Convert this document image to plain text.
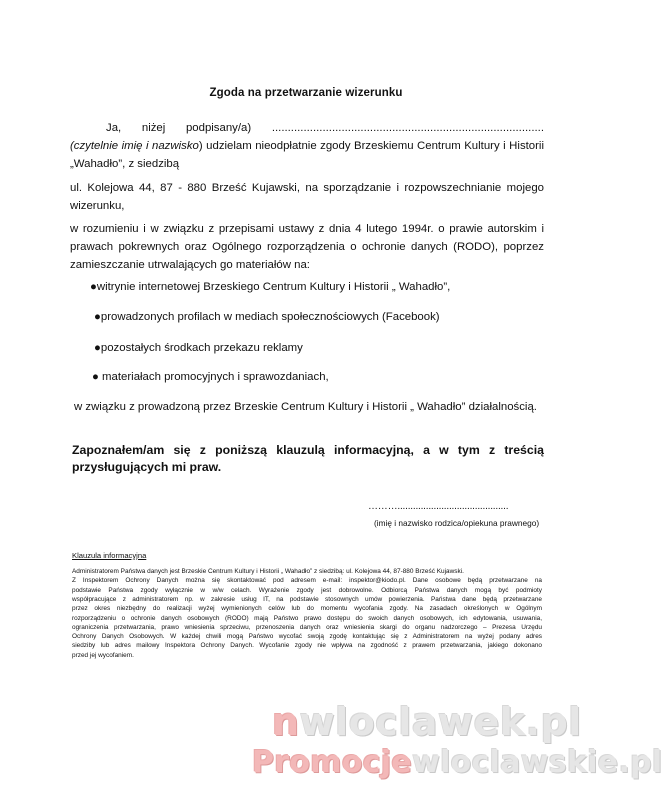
Zgoda na przetwarzanie wizerunku
Ja, niżej podpisany/a) ......................................................................................
(czytelnie imię i nazwisko) udzielam nieodpłatnie zgody Brzeskiemu Centrum Kultury i Historii
„Wahadło”, z siedzibą
ul. Kolejowa 44, 87 - 880 Brześć Kujawski, na sporządzanie i rozpowszechnianie mojego
wizerunku,
w rozumieniu i w związku z przepisami ustawy z dnia 4 lutego 1994r. o prawie autorskim i
prawach pokrewnych oraz Ogólnego rozporządzenia o ochronie danych (RODO), poprzez
zamieszczanie utrwalających go materiałów na:
●witrynie internetowej Brzeskiego Centrum Kultury i Historii „ Wahadło”,
●prowadzonych profilach w mediach społecznościowych (Facebook)
●pozostałych środkach przekazu reklamy
● materiałach promocyjnych i sprawozdaniach,
w związku z prowadzoną przez Brzeskie Centrum Kultury i Historii „ Wahadło” działalnością.
Zapoznałem/am się z poniższą klauzulą informacyjną, a w tym z treścią
przysługujących mi praw.
………...........................................
(imię i nazwisko rodzica/opiekuna prawnego)
Klauzula informacyjna
Administratorem Państwa danych jest Brzeskie Centrum Kultury i Historii „ Wahadło” z siedzibą: ul. Kolejowa 44, 87-880 Brześć Kujawski.
Z Inspektorem Ochrony Danych można się skontaktować pod adresem e-mail: inspektor@kiodo.pl. Dane osobowe będą przetwarzane na
podstawie Państwa zgody wyłącznie w w/w celach. Wyrażenie zgody jest dobrowolne. Odbiorcą Państwa danych mogą być podmioty
współpracujące z administratorem np. w zakresie usług IT, na podstawie stosownych umów powierzenia. Państwa dane będą przetwarzane
przez okres niezbędny do realizacji wyżej wymienionych celów lub do momentu wycofania zgody. Na zasadach określonych w Ogólnym
rozporządzeniu o ochronie danych osobowych (RODO) mają Państwo prawo dostępu do swoich danych osobowych, ich edytowania, usuwania,
ograniczenia przetwarzania, prawo wniesienia sprzeciwu, przenoszenia danych oraz wniesienia skargi do organu nadzorczego – Prezesa Urzędu
Ochrony Danych Osobowych. W każdej chwili mogą Państwo wycofać swoją zgodę kontaktując się z Administratorem na wyżej podany adres
siedziby lub adres mailowy Inspektora Ochrony Danych. Wycofanie zgody nie wpływa na zgodność z prawem przetwarzania, jakiego dokonano
przed jej wycofaniem.
nwloclawek.pl
Promocjewloclawskie.pl
